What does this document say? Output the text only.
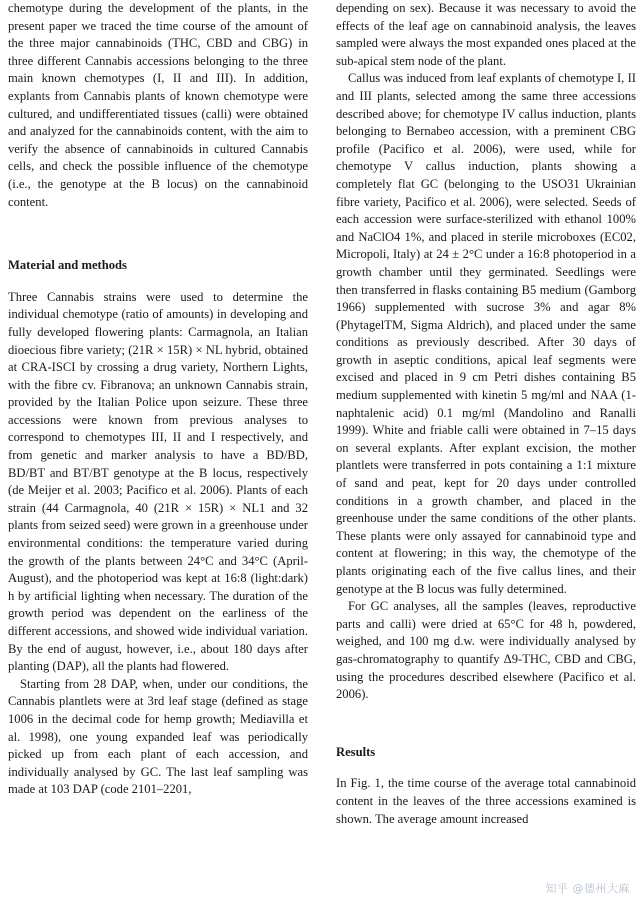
chemotype during the development of the plants, in the present paper we traced the time course of the amount of the three major cannabinoids (THC, CBD and CBG) in three different Cannabis accessions belonging to the three main known chemotypes (I, II and III). In addition, explants from Cannabis plants of known chemotype were cultured, and undifferentiated tissues (calli) were obtained and analyzed for the cannabinoids content, with the aim to verify the absence of cannabinoids in cultured Cannabis cells, and check the possible influence of the chemotype (i.e., the genotype at the B locus) on the cannabinoid content.

Material and methods

Three Cannabis strains were used to determine the individual chemotype (ratio of amounts) in developing and fully developed flowering plants: Carmagnola, an Italian dioecious fibre variety; (21R × 15R) × NL hybrid, obtained at CRA-ISCI by crossing a drug variety, Northern Lights, with the fibre cv. Fibranova; an unknown Cannabis strain, provided by the Italian Police upon seizure. These three accessions were known from previous analyses to correspond to chemotypes III, II and I respectively, and from genetic and marker analysis to have a BD/BD, BD/BT and BT/BT genotype at the B locus, respectively (de Meijer et al. 2003; Pacifico et al. 2006). Plants of each strain (44 Carmagnola, 40 (21R × 15R) × NL1 and 32 plants from seized seed) were grown in a greenhouse under environmental conditions: the temperature varied during the growth of the plants between 24°C and 34°C (April-August), and the photoperiod was kept at 16:8 (light:dark) h by artificial lighting when necessary. The duration of the growth period was dependent on the earliness of the different accessions, and showed wide individual variation. By the end of august, however, i.e., about 180 days after planting (DAP), all the plants had flowered.

Starting from 28 DAP, when, under our conditions, the Cannabis plantlets were at 3rd leaf stage (defined as stage 1006 in the decimal code for hemp growth; Mediavilla et al. 1998), one young expanded leaf was periodically picked up from each plant of each accession, and individually analysed by GC. The last leaf sampling was made at 103 DAP (code 2101–2201,

depending on sex). Because it was necessary to avoid the effects of the leaf age on cannabinoid analysis, the leaves sampled were always the most expanded ones placed at the sub-apical stem node of the plant.

Callus was induced from leaf explants of chemotype I, II and III plants, selected among the same three accessions described above; for chemotype IV callus induction, plants belonging to Bernabeo accession, with a preminent CBG profile (Pacifico et al. 2006), were used, while for chemotype V callus induction, plants showing a completely flat GC (belonging to the USO31 Ukrainian fibre variety, Pacifico et al. 2006), were selected. Seeds of each accession were surface-sterilized with ethanol 100% and NaClO4 1%, and placed in sterile microboxes (EC02, Micropoli, Italy) at 24 ± 2°C under a 16:8 photoperiod in a growth chamber until they germinated. Seedlings were then transferred in flasks containing B5 medium (Gamborg 1966) supplemented with sucrose 3% and agar 8% (PhytagelTM, Sigma Aldrich), and placed under the same conditions as previously described. After 30 days of growth in aseptic conditions, apical leaf segments were excised and placed in 9 cm Petri dishes containing B5 medium supplemented with kinetin 5 mg/ml and NAA (1-naphtalenic acid) 0.1 mg/ml (Mandolino and Ranalli 1999). White and friable calli were obtained in 7–15 days on several explants. After explant excision, the mother plantlets were transferred in pots containing a 1:1 mixture of sand and peat, kept for 20 days under controlled conditions in a growth chamber, and placed in the greenhouse under the same conditions of the other plants. These plants were only assayed for cannabinoid type and content at flowering; in this way, the chemotype of the plants originating each of the five callus lines, and their genotype at the B locus was fully determined.

For GC analyses, all the samples (leaves, reproductive parts and calli) were dried at 65°C for 48 h, powdered, weighed, and 100 mg d.w. were individually analysed by gas-chromatography to quantify Δ9-THC, CBD and CBG, using the procedures described elsewhere (Pacifico et al. 2006).

Results

In Fig. 1, the time course of the average total cannabinoid content in the leaves of the three accessions examined is shown. The average amount increased

知乎 @德州大麻
